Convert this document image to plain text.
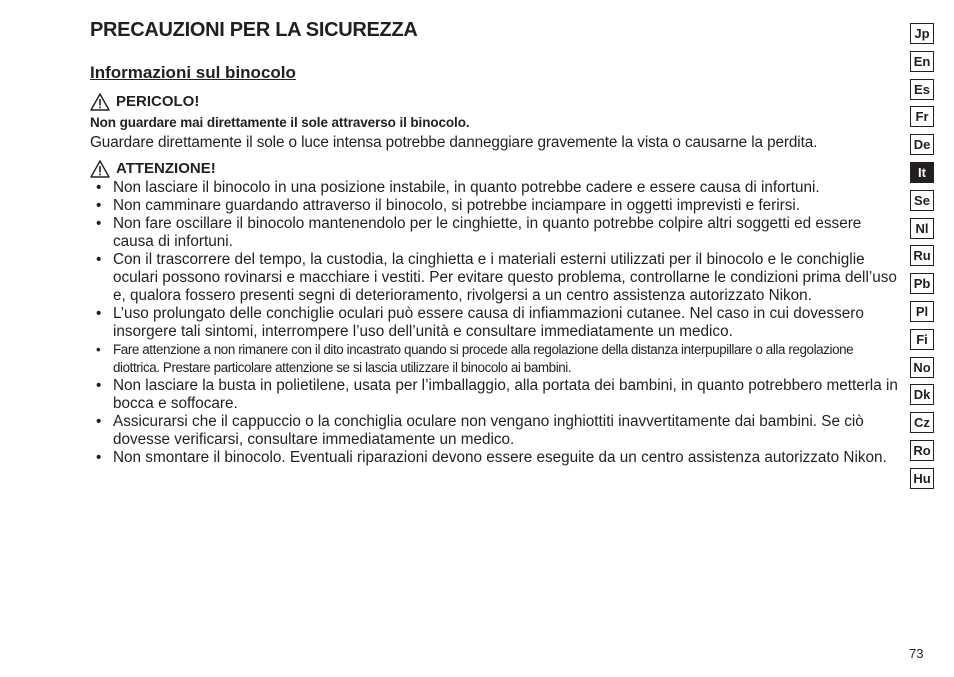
PRECAUZIONI PER LA SICUREZZA
Informazioni sul binocolo
PERICOLO!
Non guardare mai direttamente il sole attraverso il binocolo.
Guardare direttamente il sole o luce intensa potrebbe danneggiare gravemente la vista o causarne la perdita.
ATTENZIONE!
• Non lasciare il binocolo in una posizione instabile, in quanto potrebbe cadere e essere causa di infortuni.
• Non camminare guardando attraverso il binocolo, si potrebbe inciampare in oggetti imprevisti e ferirsi.
• Non fare oscillare il binocolo mantenendolo per le cinghiette, in quanto potrebbe colpire altri soggetti ed essere causa di infortuni.
• Con il trascorrere del tempo, la custodia, la cinghietta e i materiali esterni utilizzati per il binocolo e le conchiglie oculari possono rovinarsi e macchiare i vestiti. Per evitare questo problema, controllarne le condizioni prima dell’uso e, qualora fossero presenti segni di deterioramento, rivolgersi a un centro assistenza autorizzato Nikon.
• L’uso prolungato delle conchiglie oculari può essere causa di infiammazioni cutanee. Nel caso in cui dovessero insorgere tali sintomi, interrompere l’uso dell’unità e consultare immediatamente un medico.
• Fare attenzione a non rimanere con il dito incastrato quando si procede alla regolazione della distanza interpupillare o alla regolazione diottrica. Prestare particolare attenzione se si lascia utilizzare il binocolo ai bambini.
• Non lasciare la busta in polietilene, usata per l’imballaggio, alla portata dei bambini, in quanto potrebbero metterla in bocca e soffocare.
• Assicurarsi che il cappuccio o la conchiglia oculare non vengano inghiottiti inavvertitamente dai bambini. Se ciò dovesse verificarsi, consultare immediatamente un medico.
• Non smontare il binocolo. Eventuali riparazioni devono essere eseguite da un centro assistenza autorizzato Nikon.
Jp
En
Es
Fr
De
It
Se
Nl
Ru
Pb
Pl
Fi
No
Dk
Cz
Ro
Hu
73
